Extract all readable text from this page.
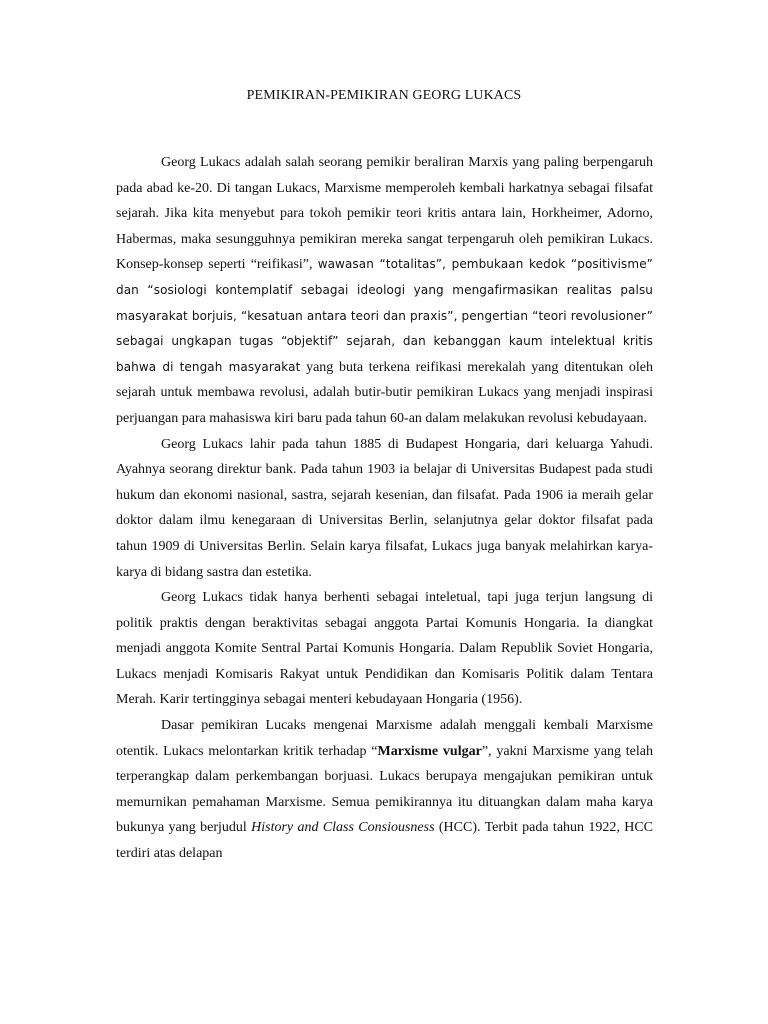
PEMIKIRAN-PEMIKIRAN GEORG LUKACS

Georg Lukacs adalah salah seorang pemikir beraliran Marxis yang paling berpengaruh pada abad ke-20. Di tangan Lukacs, Marxisme memperoleh kembali harkatnya sebagai filsafat sejarah. Jika kita menyebut para tokoh pemikir teori kritis antara lain, Horkheimer, Adorno, Habermas, maka sesungguhnya pemikiran mereka sangat terpengaruh oleh pemikiran Lukacs. Konsep-konsep seperti “reifikasi”, wawasan “totalitas”, pembukaan kedok “positivisme” dan “sosiologi kontemplatif sebagai ideologi yang mengafirmasikan realitas palsu masyarakat borjuis, “kesatuan antara teori dan praxis”, pengertian “teori revolusioner” sebagai ungkapan tugas “objektif” sejarah, dan kebanggan kaum intelektual kritis bahwa di tengah masyarakat yang buta terkena reifikasi merekalah yang ditentukan oleh sejarah untuk membawa revolusi, adalah butir-butir pemikiran Lukacs yang menjadi inspirasi perjuangan para mahasiswa kiri baru pada tahun 60-an dalam melakukan revolusi kebudayaan.

Georg Lukacs lahir pada tahun 1885 di Budapest Hongaria, dari keluarga Yahudi. Ayahnya seorang direktur bank. Pada tahun 1903 ia belajar di Universitas Budapest pada studi hukum dan ekonomi nasional, sastra, sejarah kesenian, dan filsafat. Pada 1906 ia meraih gelar doktor dalam ilmu kenegaraan di Universitas Berlin, selanjutnya gelar doktor filsafat pada tahun 1909 di Universitas Berlin. Selain karya filsafat, Lukacs juga banyak melahirkan karya-karya di bidang sastra dan estetika.

Georg Lukacs tidak hanya berhenti sebagai inteletual, tapi juga terjun langsung di politik praktis dengan beraktivitas sebagai anggota Partai Komunis Hongaria. Ia diangkat menjadi anggota Komite Sentral Partai Komunis Hongaria. Dalam Republik Soviet Hongaria, Lukacs menjadi Komisaris Rakyat untuk Pendidikan dan Komisaris Politik dalam Tentara Merah. Karir tertingginya sebagai menteri kebudayaan Hongaria (1956).

Dasar pemikiran Lucaks mengenai Marxisme adalah menggali kembali Marxisme otentik. Lukacs melontarkan kritik terhadap “Marxisme vulgar”, yakni Marxisme yang telah terperangkap dalam perkembangan borjuasi. Lukacs berupaya mengajukan pemikiran untuk memurnikan pemahaman Marxisme. Semua pemikirannya itu dituangkan dalam maha karya bukunya yang berjudul History and Class Consiousness (HCC). Terbit pada tahun 1922, HCC terdiri atas delapan
